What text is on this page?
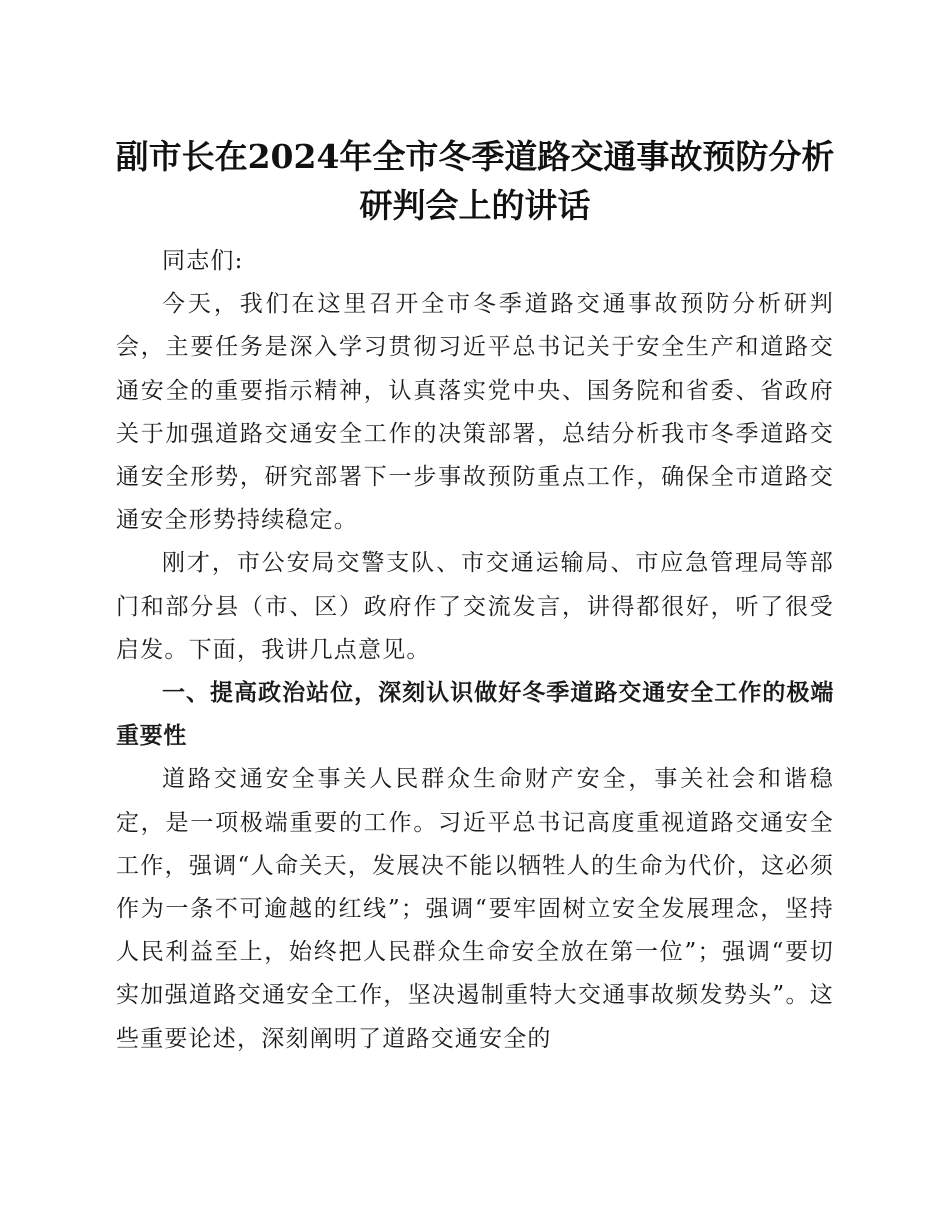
副市长在2024年全市冬季道路交通事故预防分析研判会上的讲话

同志们:

今天，我们在这里召开全市冬季道路交通事故预防分析研判会，主要任务是深入学习贯彻习近平总书记关于安全生产和道路交通安全的重要指示精神，认真落实党中央、国务院和省委、省政府关于加强道路交通安全工作的决策部署，总结分析我市冬季道路交通安全形势，研究部署下一步事故预防重点工作，确保全市道路交通安全形势持续稳定。

刚才，市公安局交警支队、市交通运输局、市应急管理局等部门和部分县（市、区）政府作了交流发言，讲得都很好，听了很受启发。下面，我讲几点意见。

一、提高政治站位，深刻认识做好冬季道路交通安全工作的极端重要性

道路交通安全事关人民群众生命财产安全，事关社会和谐稳定，是一项极端重要的工作。习近平总书记高度重视道路交通安全工作，强调“人命关天，发展决不能以牺牲人的生命为代价，这必须作为一条不可逾越的红线”；强调“要牢固树立安全发展理念，坚持人民利益至上，始终把人民群众生命安全放在第一位”；强调“要切实加强道路交通安全工作，坚决遏制重特大交通事故频发势头”。这些重要论述，深刻阐明了道路交通安全的
